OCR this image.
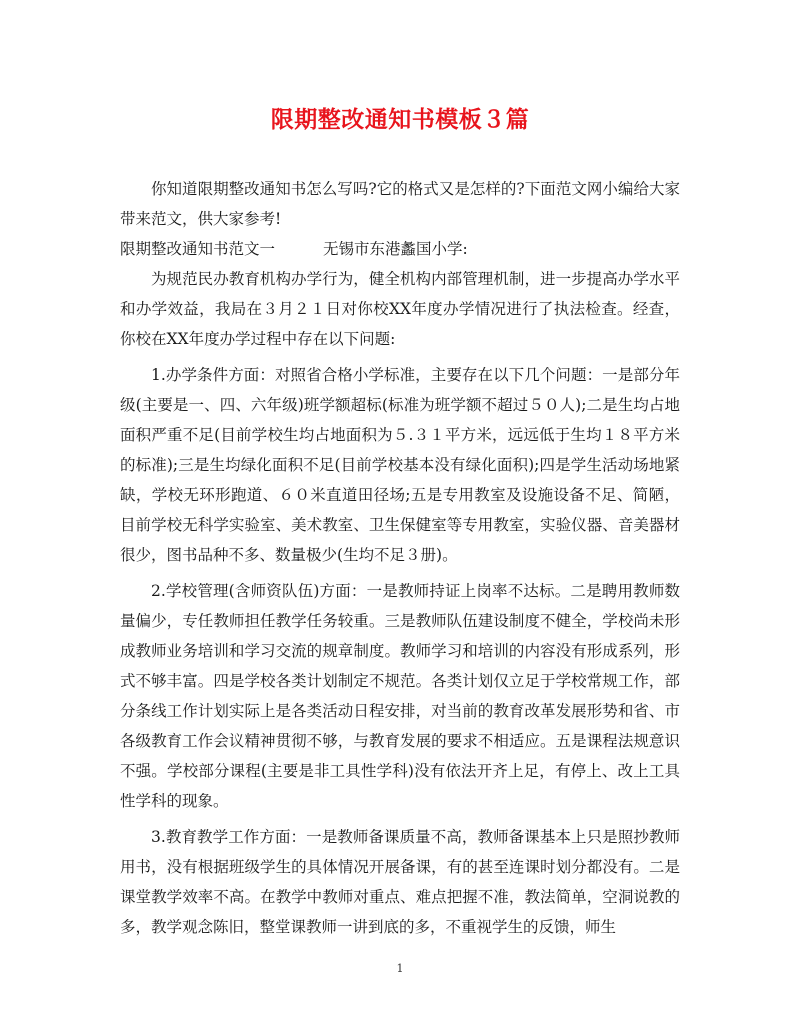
限期整改通知书模板３篇

你知道限期整改通知书怎么写吗?它的格式又是怎样的?下面范文网小编给大家带来范文，供大家参考!

限期整改通知书范文一	无锡市东港蠡国小学:

为规范民办教育机构办学行为，健全机构内部管理机制，进一步提高办学水平和办学效益，我局在３月２１日对你校XX年度办学情况进行了执法检查。经查，你校在XX年度办学过程中存在以下问题:

1.办学条件方面：对照省合格小学标准，主要存在以下几个问题：一是部分年级(主要是一、四、六年级)班学额超标(标准为班学额不超过５０人);二是生均占地面积严重不足(目前学校生均占地面积为５.３１平方米，远远低于生均１８平方米的标准);三是生均绿化面积不足(目前学校基本没有绿化面积);四是学生活动场地紧缺，学校无环形跑道、６０米直道田径场;五是专用教室及设施设备不足、简陋，目前学校无科学实验室、美术教室、卫生保健室等专用教室，实验仪器、音美器材很少，图书品种不多、数量极少(生均不足３册)。

2.学校管理(含师资队伍)方面：一是教师持证上岗率不达标。二是聘用教师数量偏少，专任教师担任教学任务较重。三是教师队伍建设制度不健全，学校尚未形成教师业务培训和学习交流的规章制度。教师学习和培训的内容没有形成系列，形式不够丰富。四是学校各类计划制定不规范。各类计划仅立足于学校常规工作，部分条线工作计划实际上是各类活动日程安排，对当前的教育改革发展形势和省、市各级教育工作会议精神贯彻不够，与教育发展的要求不相适应。五是课程法规意识不强。学校部分课程(主要是非工具性学科)没有依法开齐上足，有停上、改上工具性学科的现象。

3.教育教学工作方面：一是教师备课质量不高，教师备课基本上只是照抄教师用书，没有根据班级学生的具体情况开展备课，有的甚至连课时划分都没有。二是课堂教学效率不高。在教学中教师对重点、难点把握不准，教法简单，空洞说教的多，教学观念陈旧，整堂课教师一讲到底的多，不重视学生的反馈，师生

1
